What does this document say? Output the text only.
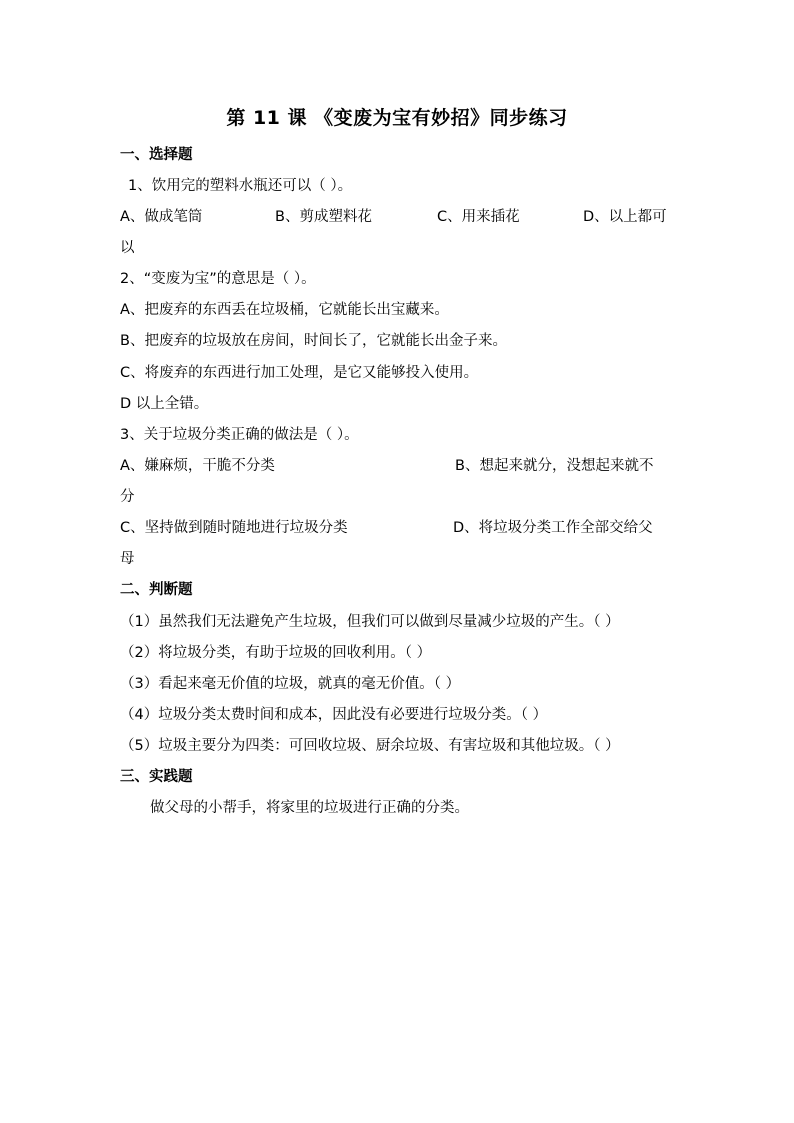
第 11 课 《变废为宝有妙招》同步练习
一、选择题
1、饮用完的塑料水瓶还可以（ ）。
A、做成笔筒	B、剪成塑料花	C、用来插花	D、以上都可
以
2、“变废为宝”的意思是（ ）。
A、把废弃的东西丢在垃圾桶，它就能长出宝藏来。
B、把废弃的垃圾放在房间，时间长了，它就能长出金子来。
C、将废弃的东西进行加工处理，是它又能够投入使用。
D 以上全错。
3、关于垃圾分类正确的做法是（ ）。
A、嫌麻烦，干脆不分类	B、想起来就分，没想起来就不
分
C、坚持做到随时随地进行垃圾分类	D、将垃圾分类工作全部交给父
母
二、判断题
（1）虽然我们无法避免产生垃圾，但我们可以做到尽量减少垃圾的产生。（ ）
（2）将垃圾分类，有助于垃圾的回收利用。（ ）
（3）看起来毫无价值的垃圾，就真的毫无价值。（ ）
（4）垃圾分类太费时间和成本，因此没有必要进行垃圾分类。（ ）
（5）垃圾主要分为四类：可回收垃圾、厨余垃圾、有害垃圾和其他垃圾。（ ）
三、实践题
做父母的小帮手，将家里的垃圾进行正确的分类。
